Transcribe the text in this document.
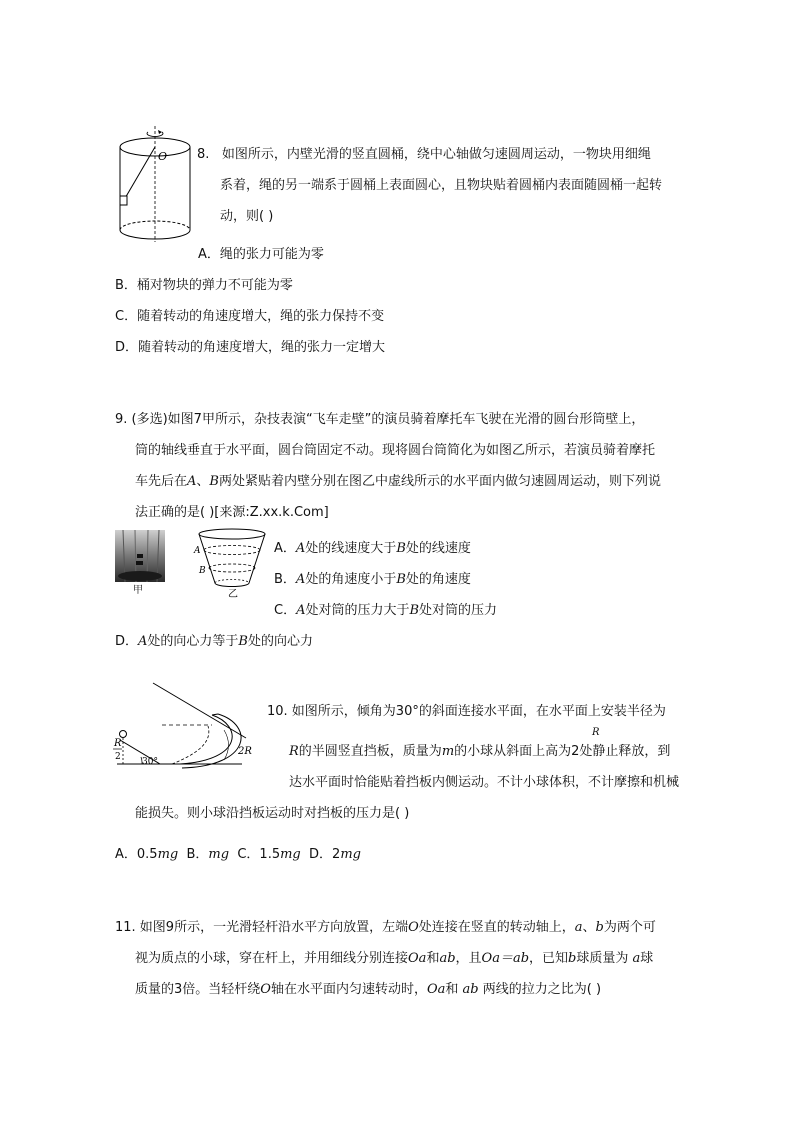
O 8. 如图所示，内壁光滑的竖直圆桶，绕中心轴做匀速圆周运动，一物块用细绳
系着，绳的另一端系于圆桶上表面圆心，且物块贴着圆桶内表面随圆桶一起转
动，则( )
A．绳的张力可能为零
B．桶对物块的弹力不可能为零
C．随着转动的角速度增大，绳的张力保持不变
D．随着转动的角速度增大，绳的张力一定增大
9. (多选)如图7甲所示，杂技表演“飞车走壁”的演员骑着摩托车飞驶在光滑的圆台形筒壁上，
筒的轴线垂直于水平面，圆台筒固定不动。现将圆台筒简化为如图乙所示，若演员骑着摩托
车先后在A、B两处紧贴着内壁分别在图乙中虚线所示的水平面内做匀速圆周运动，则下列说
法正确的是( )[来源:Z.xx.k.Com]
甲
A
B
乙
A．A处的线速度大于B处的线速度
B．A处的角速度小于B处的角速度
C．A处对筒的压力大于B处对筒的压力
D．A处的向心力等于B处的向心力
R
2 30°
2R
10. 如图所示，倾角为30°的斜面连接水平面，在水平面上安装半径为
R
R的半圆竖直挡板，质量为m的小球从斜面上高为2处静止释放，到
达水平面时恰能贴着挡板内侧运动。不计小球体积，不计摩擦和机械
能损失。则小球沿挡板运动时对挡板的压力是( )
A．0.5mg B．mg C．1.5mg D．2mg
11. 如图9所示，一光滑轻杆沿水平方向放置，左端O处连接在竖直的转动轴上，a、b为两个可
视为质点的小球，穿在杆上，并用细线分别连接Oa和ab，且Oa＝ab，已知b球质量为 a球
质量的3倍。当轻杆绕O轴在水平面内匀速转动时，Oa和 ab 两线的拉力之比为( )
